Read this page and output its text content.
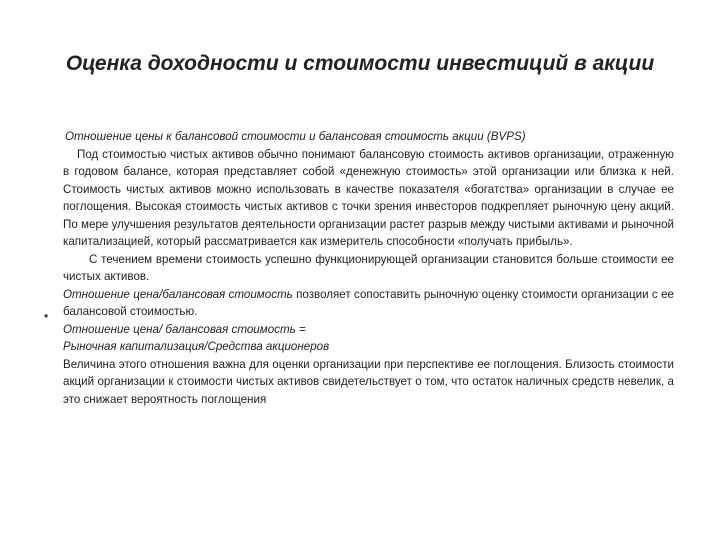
Оценка доходности и стоимости инвестиций в акции
•

Отношение цены к балансовой стоимости и балансовая стоимость акции (BVPS)

Под стоимостью чистых активов обычно понимают балансовую стоимость активов организации, отраженную в годовом балансе, которая представляет собой «денежную стоимость» этой организации или близка к ней. Стоимость чистых активов можно использовать в качестве показателя «богатства» организации в случае ее поглощения. Высокая стоимость чистых активов с точки зрения инвесторов подкрепляет рыночную цену акций. По мере улучшения результатов деятельности организации растет разрыв между чистыми активами и рыночной капитализацией, который рассматривается как измеритель способности «получать прибыль».

С течением времени стоимость успешно функционирующей организации становится больше стоимости ее чистых активов.

Отношение цена/балансовая стоимость позволяет сопоставить рыночную оценку стоимости организации с ее балансовой стоимостью.

Отношение цена/ балансовая стоимость =

Рыночная капитализация/Средства акционеров

Величина этого отношения важна для оценки организации при перспективе ее поглощения. Близость стоимости акций организации к стоимости чистых активов свидетельствует о том, что остаток наличных средств невелик, а это снижает вероятность поглощения
